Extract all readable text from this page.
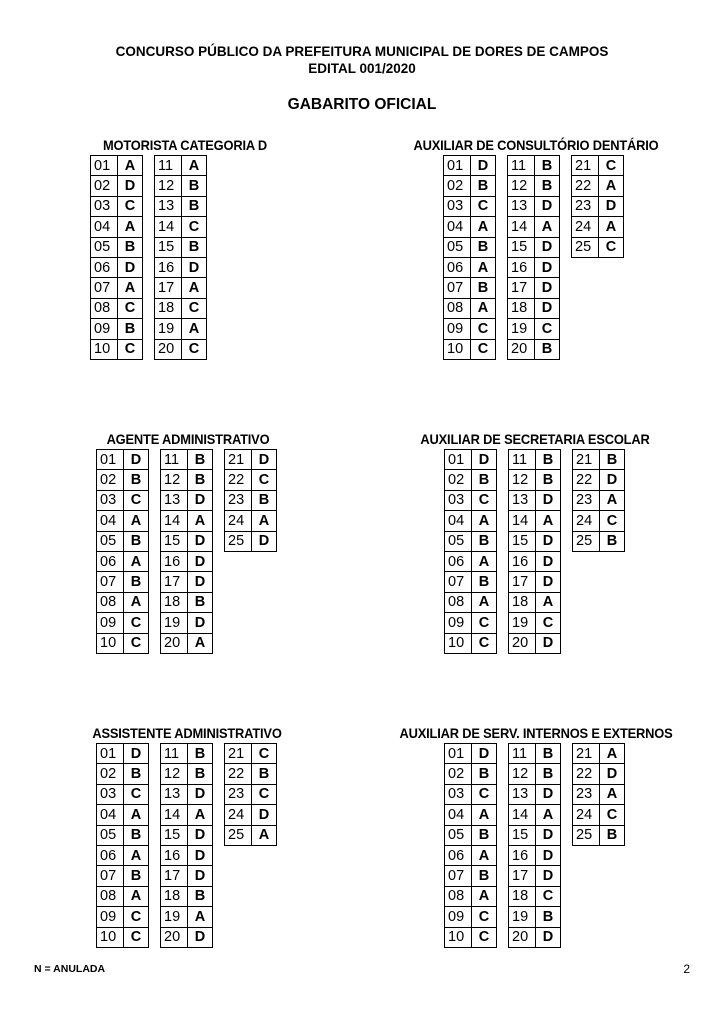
CONCURSO PÚBLICO DA PREFEITURA MUNICIPAL DE DORES DE CAMPOS
EDITAL 001/2020
GABARITO OFICIAL
MOTORISTA CATEGORIA D
01	A
02	D
03	C
04	A
05	B
06	D
07	A
08	C
09	B
10	C
11	A
12	B
13	B
14	C
15	B
16	D
17	A
18	C
19	A
20	C
AUXILIAR DE CONSULTÓRIO DENTÁRIO
01	D
02	B
03	C
04	A
05	B
06	A
07	B
08	A
09	C
10	C
11	B
12	B
13	D
14	A
15	D
16	D
17	D
18	D
19	C
20	B
21	C
22	A
23	D
24	A
25	C
AGENTE ADMINISTRATIVO
01	D
02	B
03	C
04	A
05	B
06	A
07	B
08	A
09	C
10	C
11	B
12	B
13	D
14	A
15	D
16	D
17	D
18	B
19	D
20	A
21	D
22	C
23	B
24	A
25	D
AUXILIAR DE SECRETARIA ESCOLAR
01	D
02	B
03	C
04	A
05	B
06	A
07	B
08	A
09	C
10	C
11	B
12	B
13	D
14	A
15	D
16	D
17	D
18	A
19	C
20	D
21	B
22	D
23	A
24	C
25	B
ASSISTENTE ADMINISTRATIVO
01	D
02	B
03	C
04	A
05	B
06	A
07	B
08	A
09	C
10	C
11	B
12	B
13	D
14	A
15	D
16	D
17	D
18	B
19	A
20	D
21	C
22	B
23	C
24	D
25	A
AUXILIAR DE SERV. INTERNOS E EXTERNOS
01	D
02	B
03	C
04	A
05	B
06	A
07	B
08	A
09	C
10	C
11	B
12	B
13	D
14	A
15	D
16	D
17	D
18	C
19	B
20	D
21	A
22	D
23	A
24	C
25	B
N = ANULADA	2
